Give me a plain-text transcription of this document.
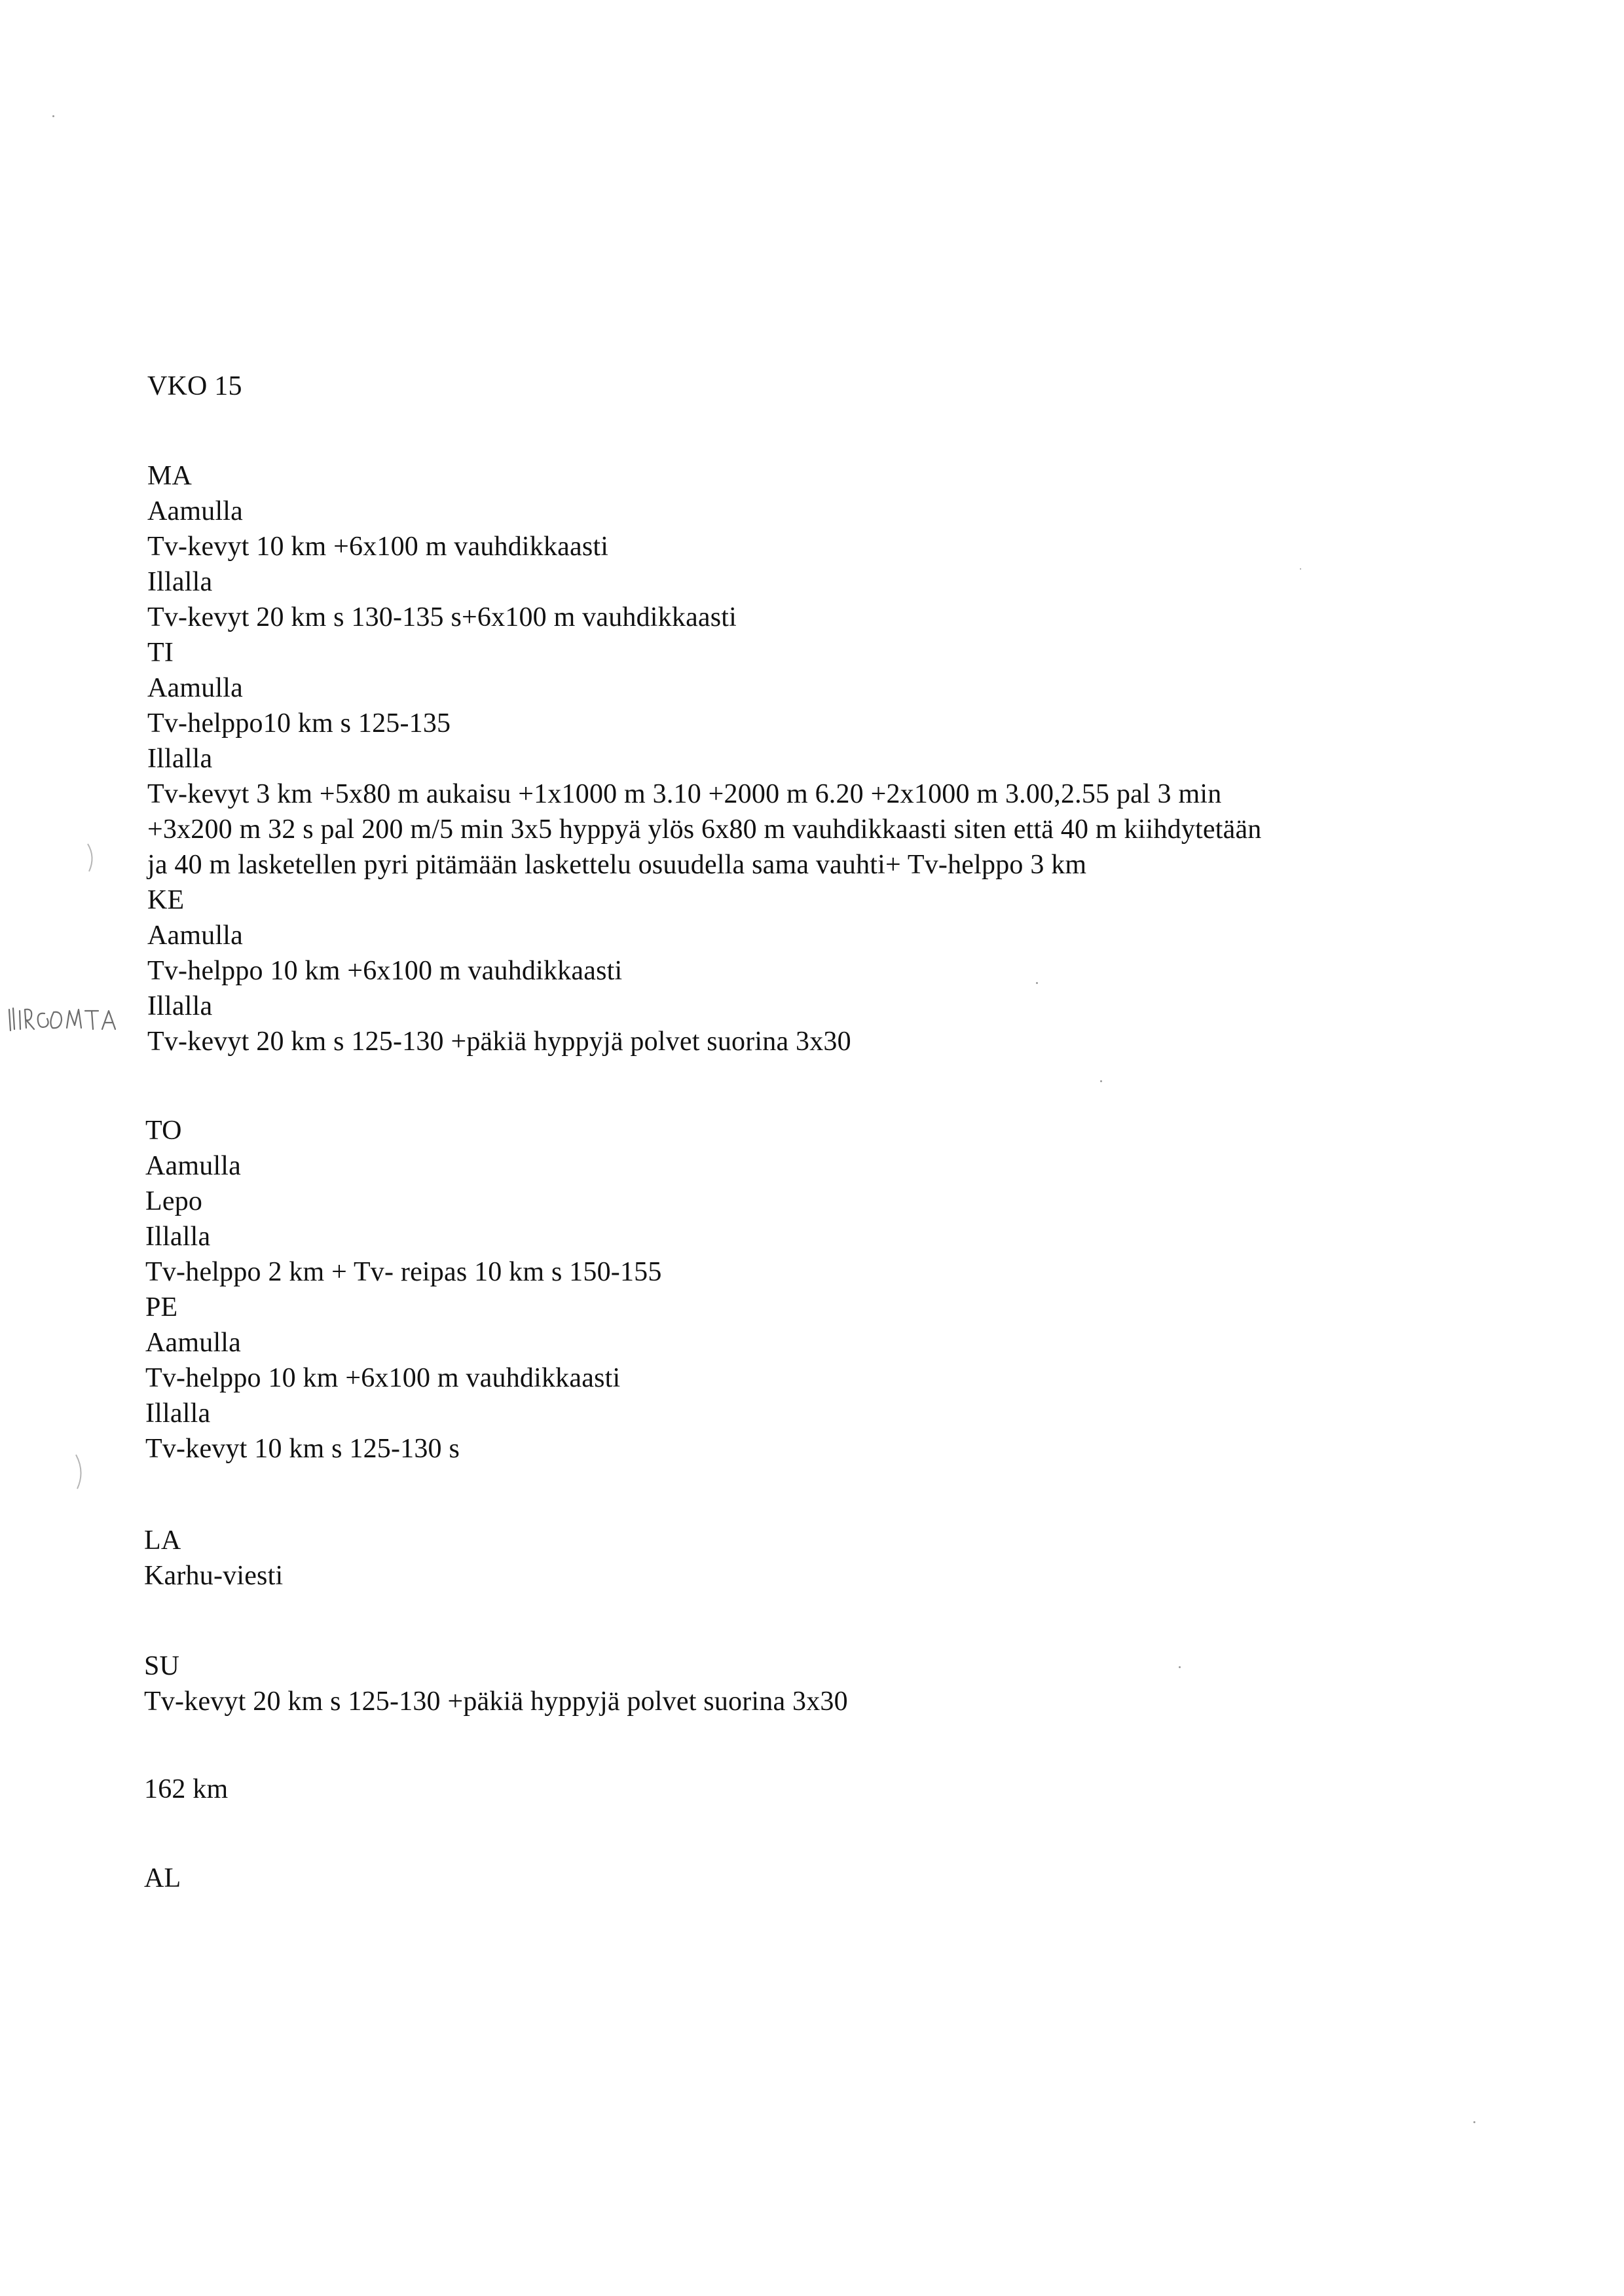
VKO 15
MA
Aamulla
Tv-kevyt 10 km +6x100 m vauhdikkaasti
Illalla
Tv-kevyt 20 km s 130-135 s+6x100 m vauhdikkaasti
TI
Aamulla
Tv-helppo10 km s 125-135
Illalla
Tv-kevyt 3 km +5x80 m aukaisu +1x1000 m 3.10 +2000 m 6.20 +2x1000 m 3.00,2.55 pal 3 min
+3x200 m 32 s pal 200 m/5 min 3x5 hyppyä ylös 6x80 m vauhdikkaasti siten että 40 m kiihdytetään
ja 40 m lasketellen pyri pitämään laskettelu osuudella sama vauhti+ Tv-helppo 3 km
KE
Aamulla
Tv-helppo 10 km +6x100 m vauhdikkaasti
Illalla
Tv-kevyt 20 km s 125-130 +päkiä hyppyjä polvet suorina 3x30
TO
Aamulla
Lepo
Illalla
Tv-helppo 2 km + Tv- reipas 10 km s 150-155
PE
Aamulla
Tv-helppo 10 km +6x100 m vauhdikkaasti
Illalla
Tv-kevyt 10 km s 125-130 s
LA
Karhu-viesti
SU
Tv-kevyt 20 km s 125-130 +päkiä hyppyjä polvet suorina 3x30
162 km
AL
